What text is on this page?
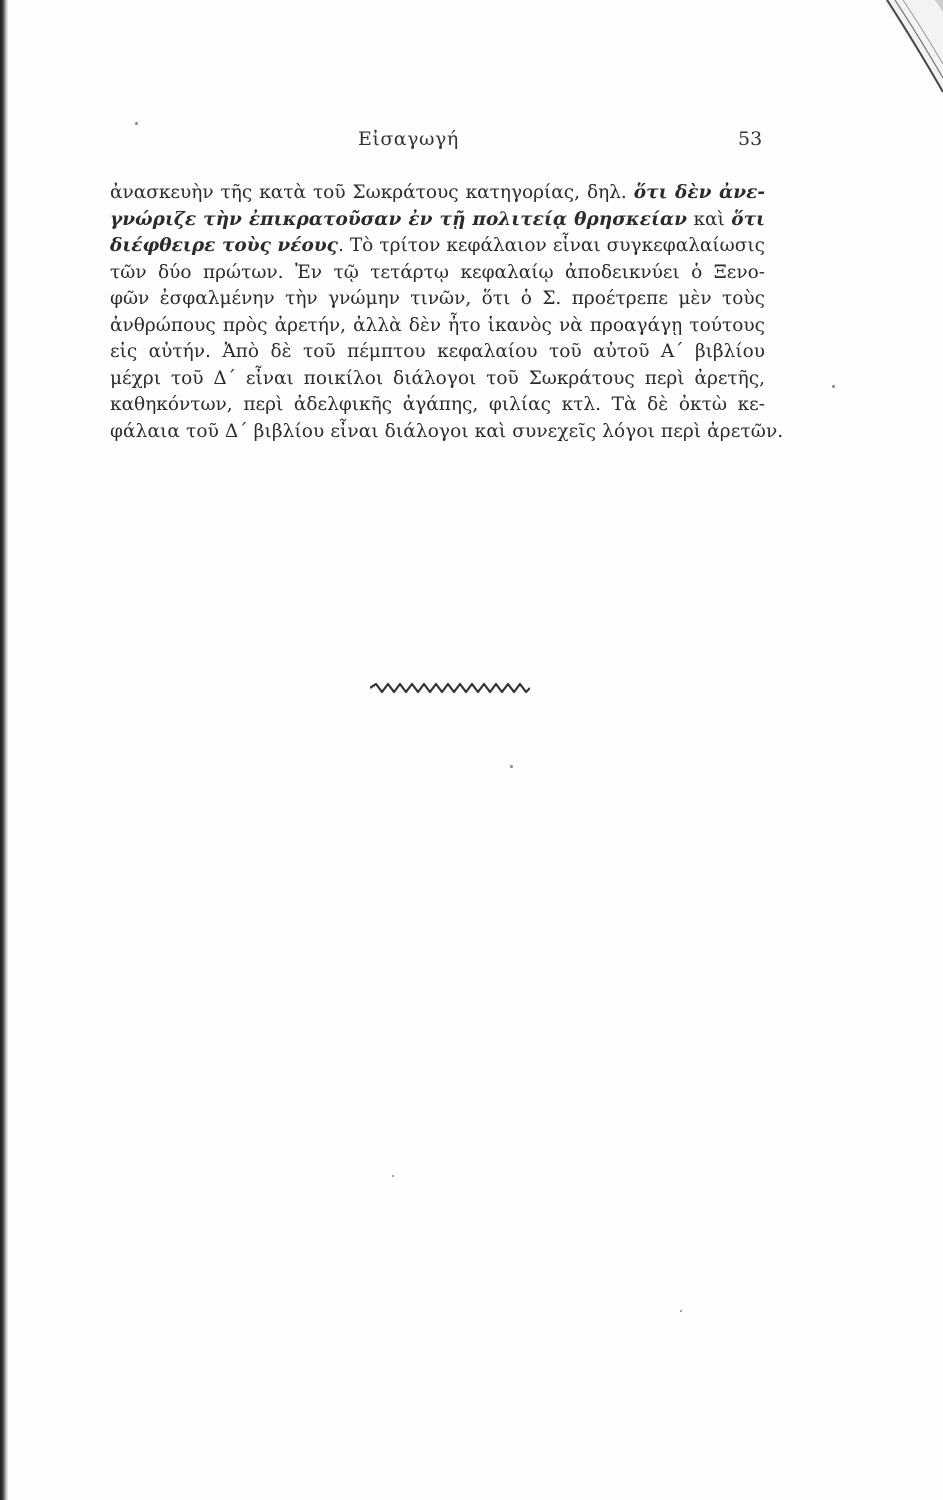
Εἰσαγωγή	53
ἀνασκευὴν τῆς κατὰ τοῦ Σωκράτους κατηγορίας, δηλ. ὅτι δὲν ἀνε-
γνώριζε τὴν ἐπικρατοῦσαν ἐν τῇ πολιτείᾳ θρησκείαν καὶ ὅτι
διέφθειρε τοὺς νέους. Τὸ τρίτον κεφάλαιον εἶναι συγκεφαλαίωσις
τῶν δύο πρώτων. Ἐν τῷ τετάρτῳ κεφαλαίῳ ἀποδεικνύει ὁ Ξενο-
φῶν ἐσφαλμένην τὴν γνώμην τινῶν, ὅτι ὁ Σ. προέτρεπε μὲν τοὺς
ἀνθρώπους πρὸς ἀρετήν, ἀλλὰ δὲν ἦτο ἱκανὸς νὰ προαγάγῃ τούτους
εἰς αὐτήν. Ἀπὸ δὲ τοῦ πέμπτου κεφαλαίου τοῦ αὐτοῦ Α΄ βιβλίου
μέχρι τοῦ Δ΄ εἶναι ποικίλοι διάλογοι τοῦ Σωκράτους περὶ ἀρετῆς,
καθηκόντων, περὶ ἀδελφικῆς ἀγάπης, φιλίας κτλ. Τὰ δὲ ὀκτὼ κε-
φάλαια τοῦ Δ΄ βιβλίου εἶναι διάλογοι καὶ συνεχεῖς λόγοι περὶ ἀρετῶν.
